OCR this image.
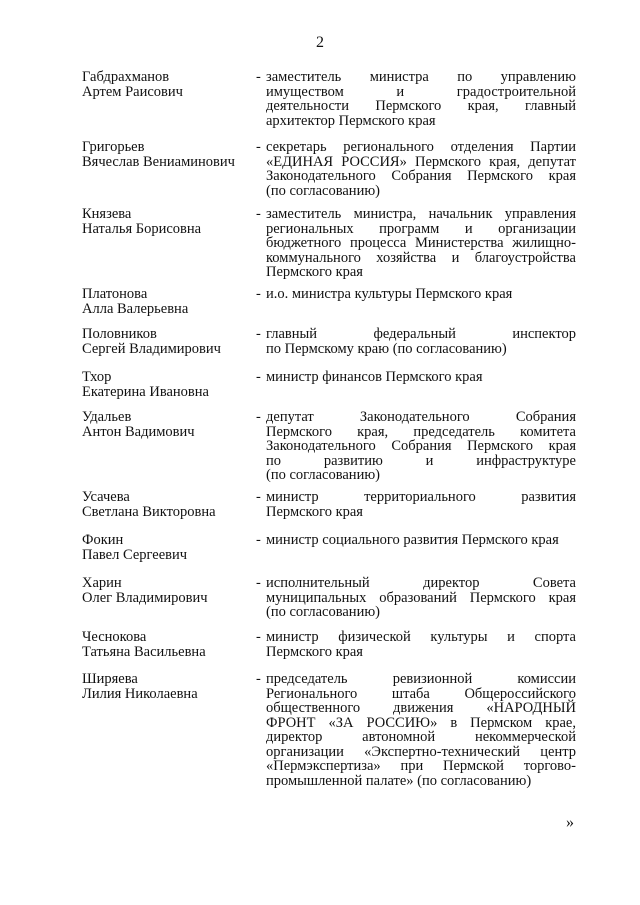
2
Габдрахманов
Артем Раисович
- заместитель министра по управлению
имуществом и градостроительной
деятельности Пермского края, главный
архитектор Пермского края
Григорьев
Вячеслав Вениаминович
- секретарь регионального отделения Партии
«ЕДИНАЯ РОССИЯ» Пермского края, депутат
Законодательного Собрания Пермского края
(по согласованию)
Князева
Наталья Борисовна
- заместитель министра, начальник управления
региональных программ и организации
бюджетного процесса Министерства жилищно-
коммунального хозяйства и благоустройства
Пермского края
Платонова
Алла Валерьевна
- и.о. министра культуры Пермского края
Половников
Сергей Владимирович
- главный федеральный инспектор
по Пермскому краю (по согласованию)
Тхор
Екатерина Ивановна
- министр финансов Пермского края
Удальев
Антон Вадимович
- депутат Законодательного Собрания
Пермского края, председатель комитета
Законодательного Собрания Пермского края
по развитию и инфраструктуре
(по согласованию)
Усачева
Светлана Викторовна
- министр территориального развития
Пермского края
Фокин
Павел Сергеевич
- министр социального развития Пермского края
Харин
Олег Владимирович
- исполнительный директор Совета
муниципальных образований Пермского края
(по согласованию)
Чеснокова
Татьяна Васильевна
- министр физической культуры и спорта
Пермского края
Ширяева
Лилия Николаевна
- председатель ревизионной комиссии
Регионального штаба Общероссийского
общественного движения «НАРОДНЫЙ
ФРОНТ «ЗА РОССИЮ» в Пермском крае,
директор автономной некоммерческой
организации «Экспертно-технический центр
«Пермэкспертиза» при Пермской торгово-
промышленной палате» (по согласованию)
»
